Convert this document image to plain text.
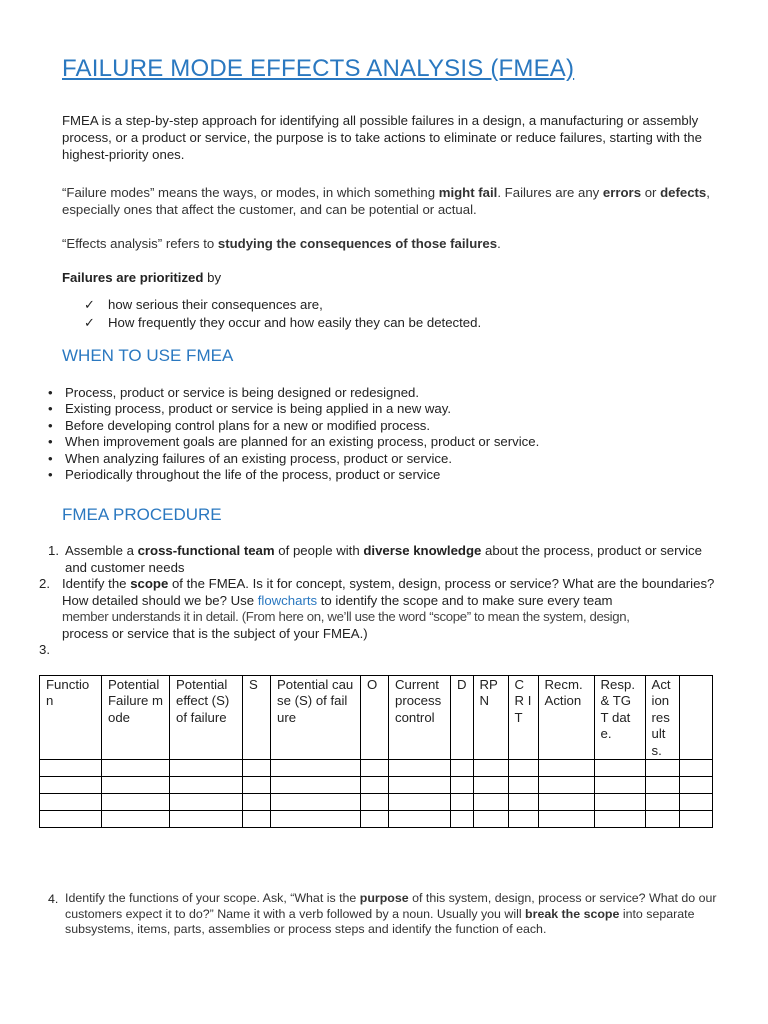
FAILURE MODE EFFECTS ANALYSIS (FMEA)
FMEA is a step-by-step approach for identifying all possible failures in a design, a manufacturing or assembly process, or a product or service, the purpose is to take actions to eliminate or reduce failures, starting with the highest-priority ones.
“Failure modes” means the ways, or modes, in which something might fail. Failures are any errors or defects, especially ones that affect the customer, and can be potential or actual.
“Effects analysis” refers to studying the consequences of those failures.
Failures are prioritized by
✓ how serious their consequences are,
✓ How frequently they occur and how easily they can be detected.
WHEN TO USE FMEA
• Process, product or service is being designed or redesigned.
• Existing process, product or service is being applied in a new way.
• Before developing control plans for a new or modified process.
• When improvement goals are planned for an existing process, product or service.
• When analyzing failures of an existing process, product or service.
• Periodically throughout the life of the process, product or service
FMEA PROCEDURE
1. Assemble a cross-functional team of people with diverse knowledge about the process, product or service and customer needs
2. Identify the scope of the FMEA. Is it for concept, system, design, process or service? What are the boundaries? How detailed should we be? Use flowcharts to identify the scope and to make sure every team
member understands it in detail. (From here on, we’ll use the word “scope” to mean the system, design,
process or service that is the subject of your FMEA.)
3.
Functio n	Potential Failure mode	Potential effect (S) of failure	S	Potential cause (S) of failure	O	Current process control	D	RP N	CR IT	Recm. Action	Resp. & TGT date.	Act ion res ult s.	

4. Identify the functions of your scope. Ask, “What is the purpose of this system, design, process or service? What do our customers expect it to do?” Name it with a verb followed by a noun. Usually you will break the scope into separate subsystems, items, parts, assemblies or process steps and identify the function of each.
